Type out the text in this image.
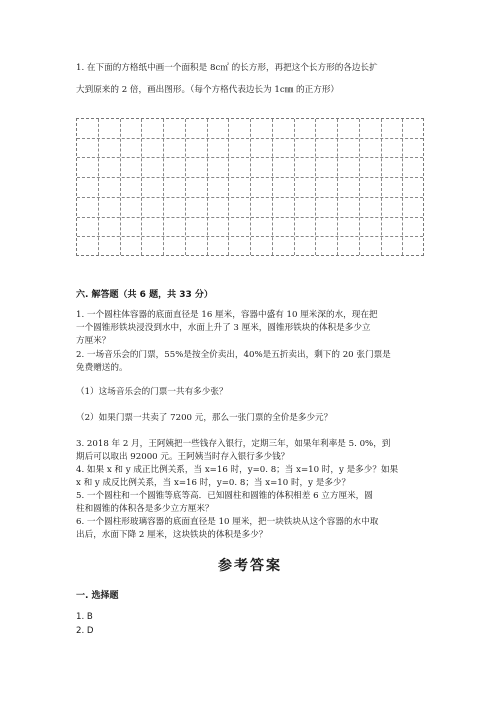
1. 在下面的方格纸中画一个面积是 8c㎡ 的长方形，再把这个长方形的各边长扩

大到原来的 2 倍，画出图形。（每个方格代表边长为 1c㎜ 的正方形）

六. 解答题（共 6 题，共 33 分）

1. 一个圆柱体容器的底面直径是 16 厘米，容器中盛有 10 厘米深的水，现在把

一个圆锥形铁块浸没到水中，水面上升了 3 厘米，圆锥形铁块的体积是多少立

方厘米？

2. 一场音乐会的门票，55%是按全价卖出，40%是五折卖出，剩下的 20 张门票是

免费赠送的。

（1）这场音乐会的门票一共有多少张？

（2）如果门票一共卖了 7200 元，那么一张门票的全价是多少元？

3. 2018 年 2 月，王阿姨把一些钱存入银行，定期三年，如果年利率是 5. 0%，到

期后可以取出 92000 元。王阿姨当时存入银行多少钱？

4. 如果 x 和 y 成正比例关系，当 x=16 时，y=0. 8；当 x=10 时，y 是多少？如果

x 和 y 成反比例关系，当 x=16 时，y=0. 8；当 x=10 时，y 是多少？

5. 一个圆柱和一个圆锥等底等高．已知圆柱和圆锥的体积相差 6 立方厘米，圆

柱和圆锥的体积各是多少立方厘米？

6. 一个圆柱形玻璃容器的底面直径是 10 厘米，把一块铁块从这个容器的水中取

出后，水面下降 2 厘米，这块铁块的体积是多少？

参考答案
一. 选择题
1. B
2. D
